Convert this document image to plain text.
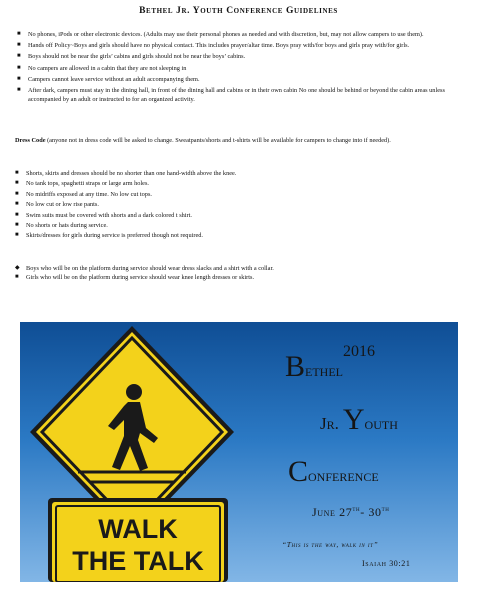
Bethel Jr. Youth Conference Guidelines
■ No phones, iPods or other electronic devices. (Adults may use their personal phones as needed and with discretion, but, may not allow campers to use them).
■ Hands off Policy~Boys and girls should have no physical contact. This includes prayer/altar time. Boys pray with/for boys and girls pray with/for girls.
■ Boys should not be near the girls’ cabins and girls should not be near the boys’ cabins.
■ No campers are allowed in a cabin that they are not sleeping in
■ Campers cannot leave service without an adult accompanying them.
■ After dark, campers must stay in the dining hall, in front of the dining hall and cabins or in their own cabin No one should be behind or beyond the cabin areas unless accompanied by an adult or instructed to for an organized activity.
Dress Code (anyone not in dress code will be asked to change. Sweatpants/shorts and t-shirts will be available for campers to change into if needed).
■ Shorts, skirts and dresses should be no shorter than one hand-width above the knee.
■ No tank tops, spaghetti straps or large arm holes.
■ No midriffs exposed at any time. No low cut tops.
■ No low cut or low rise pants.
■ Swim suits must be covered with shorts and a dark colored t shirt.
■ No shorts or hats during service.
■ Skirts/dresses for girls during service is preferred though not required.
◆ Boys who will be on the platform during service should wear dress slacks and a shirt with a collar.
■ Girls who will be on the platform during service should wear knee length dresses or skirts.
WALK
THE TALK
Bethel
2016
Jr. Youth
Conference
June 27th- 30th
“This is the way, walk in it”
Isaiah 30:21
